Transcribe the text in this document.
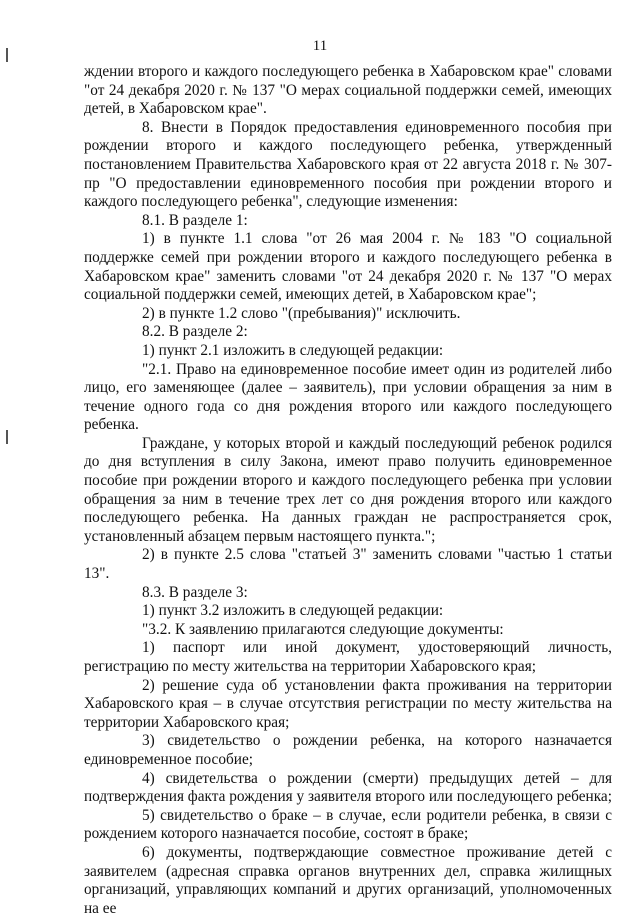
11

ждении второго и каждого последующего ребенка в Хабаровском крае" словами "от 24 декабря 2020 г. № 137 "О мерах социальной поддержки семей, имеющих детей, в Хабаровском крае".

8. Внести в Порядок предоставления единовременного пособия при рождении второго и каждого последующего ребенка, утвержденный постановлением Правительства Хабаровского края от 22 августа 2018 г. № 307-пр "О предоставлении единовременного пособия при рождении второго и каждого последующего ребенка", следующие изменения:

8.1. В разделе 1:

1) в пункте 1.1 слова "от 26 мая 2004 г. № 183 "О социальной поддержке семей при рождении второго и каждого последующего ребенка в Хабаровском крае" заменить словами "от 24 декабря 2020 г. № 137 "О мерах социальной поддержки семей, имеющих детей, в Хабаровском крае";

2) в пункте 1.2 слово "(пребывания)" исключить.

8.2. В разделе 2:

1) пункт 2.1 изложить в следующей редакции:

"2.1. Право на единовременное пособие имеет один из родителей либо лицо, его заменяющее (далее – заявитель), при условии обращения за ним в течение одного года со дня рождения второго или каждого последующего ребенка.

Граждане, у которых второй и каждый последующий ребенок родился до дня вступления в силу Закона, имеют право получить единовременное пособие при рождении второго и каждого последующего ребенка при условии обращения за ним в течение трех лет со дня рождения второго или каждого последующего ребенка. На данных граждан не распространяется срок, установленный абзацем первым настоящего пункта.";

2) в пункте 2.5 слова "статьей 3" заменить словами "частью 1 статьи 13".

8.3. В разделе 3:

1) пункт 3.2 изложить в следующей редакции:

"3.2. К заявлению прилагаются следующие документы:

1) паспорт или иной документ, удостоверяющий личность, регистрацию по месту жительства на территории Хабаровского края;

2) решение суда об установлении факта проживания на территории Хабаровского края – в случае отсутствия регистрации по месту жительства на территории Хабаровского края;

3) свидетельство о рождении ребенка, на которого назначается единовременное пособие;

4) свидетельства о рождении (смерти) предыдущих детей – для подтверждения факта рождения у заявителя второго или последующего ребенка;

5) свидетельство о браке – в случае, если родители ребенка, в связи с рождением которого назначается пособие, состоят в браке;

6) документы, подтверждающие совместное проживание детей с заявителем (адресная справка органов внутренних дел, справка жилищных организаций, управляющих компаний и других организаций, уполномоченных на ее
